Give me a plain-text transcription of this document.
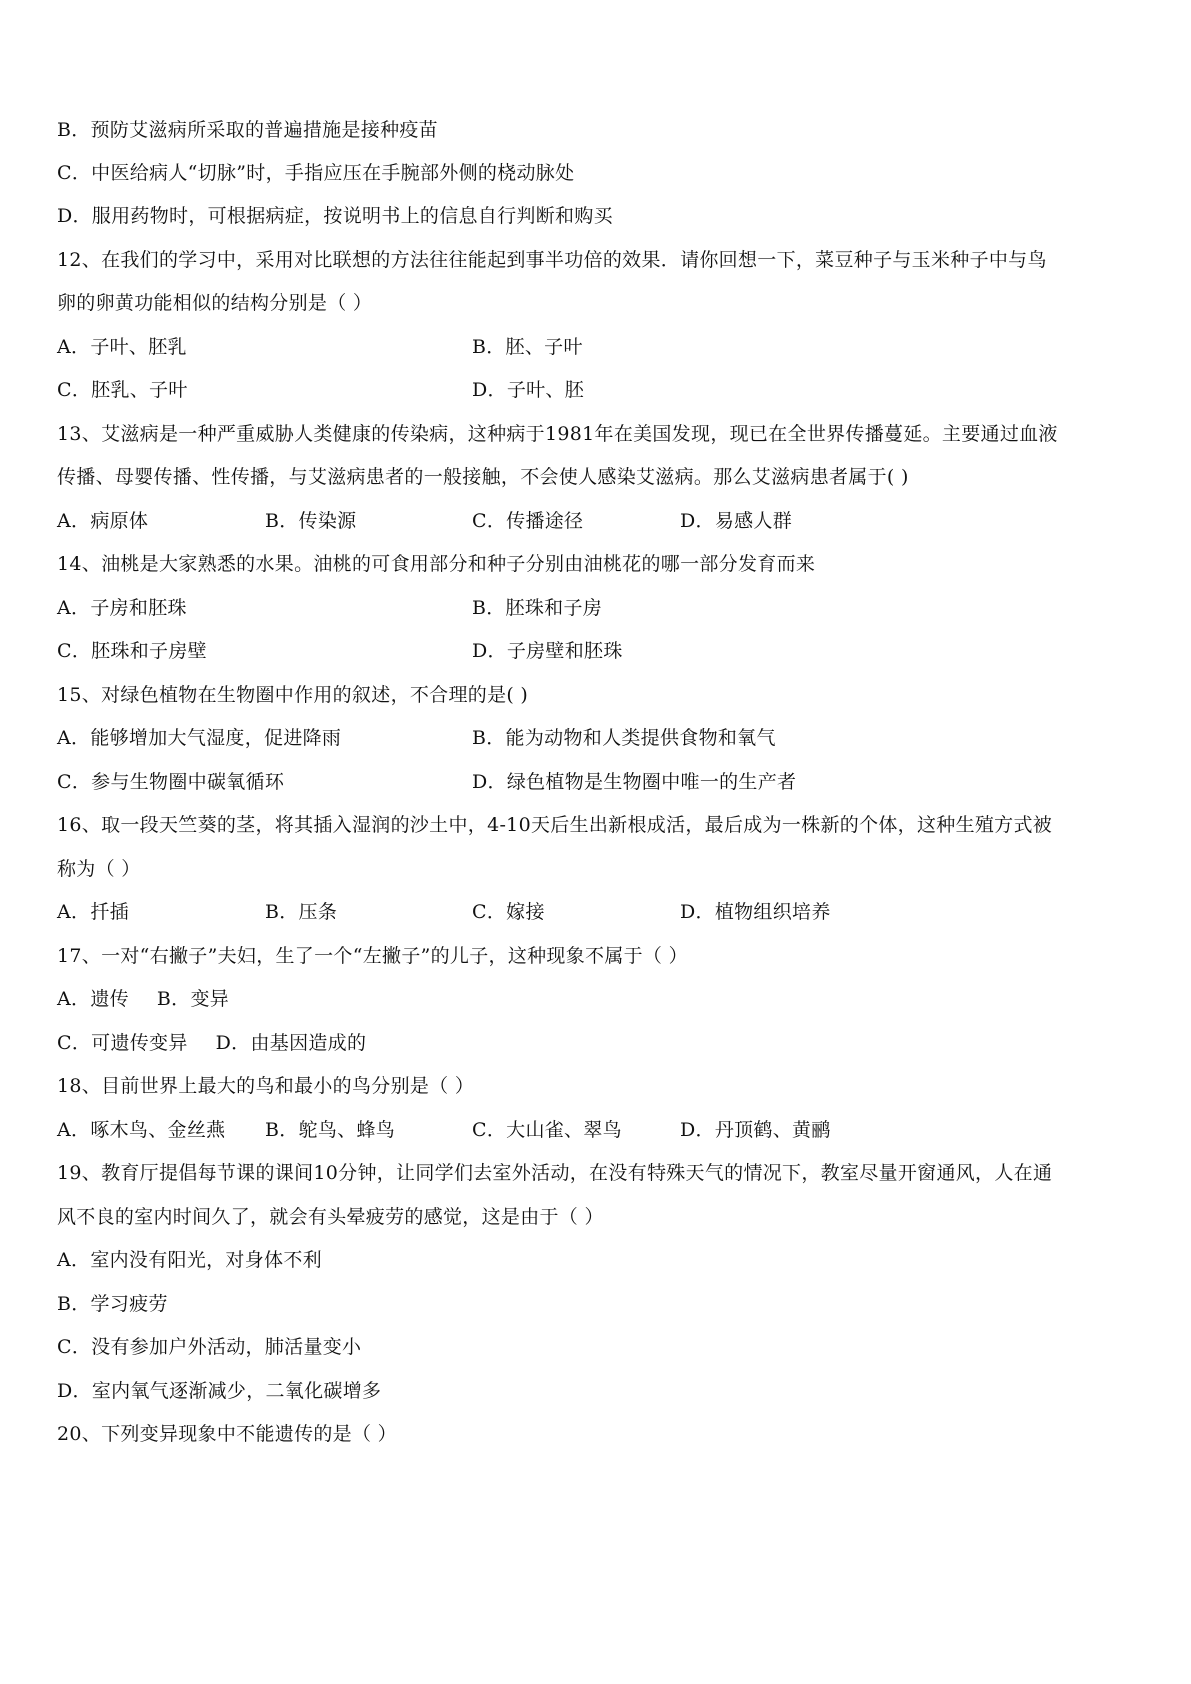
B．预防艾滋病所采取的普遍措施是接种疫苗
C．中医给病人“切脉”时，手指应压在手腕部外侧的桡动脉处
D．服用药物时，可根据病症，按说明书上的信息自行判断和购买
12、在我们的学习中，采用对比联想的方法往往能起到事半功倍的效果．请你回想一下，菜豆种子与玉米种子中与鸟
卵的卵黄功能相似的结构分别是（ ）
A．子叶、胚乳	B．胚、子叶
C．胚乳、子叶	D．子叶、胚
13、艾滋病是一种严重威胁人类健康的传染病，这种病于1981年在美国发现，现已在全世界传播蔓延。主要通过血液
传播、母婴传播、性传播，与艾滋病患者的一般接触，不会使人感染艾滋病。那么艾滋病患者属于( )
A．病原体	B．传染源	C．传播途径	D．易感人群
14、油桃是大家熟悉的水果。油桃的可食用部分和种子分别由油桃花的哪一部分发育而来
A．子房和胚珠	B．胚珠和子房
C．胚珠和子房壁	D．子房壁和胚珠
15、对绿色植物在生物圈中作用的叙述，不合理的是( )
A．能够增加大气湿度，促进降雨	B．能为动物和人类提供食物和氧气
C．参与生物圈中碳氧循环	D．绿色植物是生物圈中唯一的生产者
16、取一段天竺葵的茎，将其插入湿润的沙土中，4-10天后生出新根成活，最后成为一株新的个体，这种生殖方式被
称为（ ）
A．扦插	B．压条	C．嫁接	D．植物组织培养
17、一对“右撇子”夫妇，生了一个“左撇子”的儿子，这种现象不属于（ ）
A．遗传 B．变异
C．可遗传变异 D．由基因造成的
18、目前世界上最大的鸟和最小的鸟分别是（ ）
A．啄木鸟、金丝燕 B．鸵鸟、蜂鸟	C．大山雀、翠鸟	D．丹顶鹤、黄鹂
19、教育厅提倡每节课的课间10分钟，让同学们去室外活动，在没有特殊天气的情况下，教室尽量开窗通风，人在通
风不良的室内时间久了，就会有头晕疲劳的感觉，这是由于（ ）
A．室内没有阳光，对身体不利
B．学习疲劳
C．没有参加户外活动，肺活量变小
D．室内氧气逐渐减少，二氧化碳增多
20、下列变异现象中不能遗传的是（ ）
